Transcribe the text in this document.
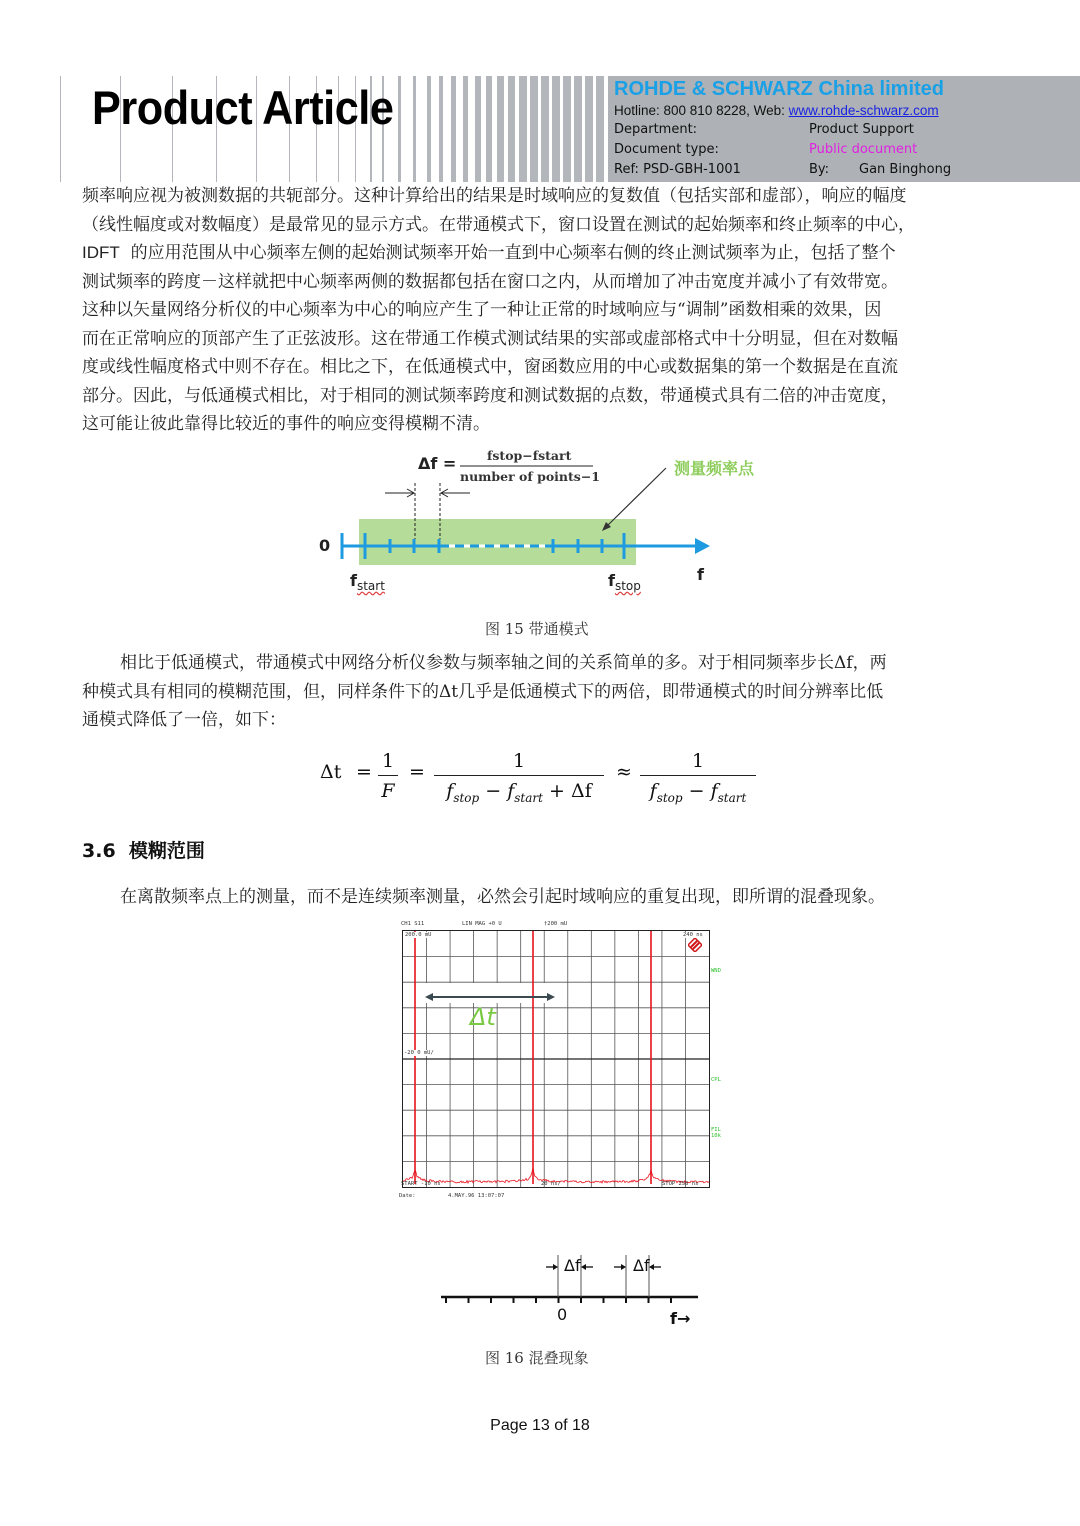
Product Article	ROHDE & SCHWARZ China limited
Hotline: 800 810 8228, Web: www.rohde-schwarz.com
Department:	Product Support
Document type:	Public document
Ref: PSD-GBH-1001	By: Gan Binghong
频率响应视为被测数据的共轭部分。这种计算给出的结果是时域响应的复数值（包括实部和虚部），响应的幅度
（线性幅度或对数幅度）是最常见的显示方式。在带通模式下，窗口设置在测试的起始频率和终止频率的中心，
IDFT 的应用范围从中心频率左侧的起始测试频率开始一直到中心频率右侧的终止测试频率为止，包括了整个
测试频率的跨度－这样就把中心频率两侧的数据都包括在窗口之内，从而增加了冲击宽度并减小了有效带宽。
这种以矢量网络分析仪的中心频率为中心的响应产生了一种让正常的时域响应与“调制”函数相乘的效果，因
而在正常响应的顶部产生了正弦波形。这在带通工作模式测试结果的实部或虚部格式中十分明显，但在对数幅
度或线性幅度格式中则不存在。相比之下，在低通模式中，窗函数应用的中心或数据集的第一个数据是在直流
部分。因此，与低通模式相比，对于相同的测试频率跨度和测试数据的点数，带通模式具有二倍的冲击宽度，
这可能让彼此靠得比较近的事件的响应变得模糊不清。
Δf = fstop−fstart
number of points−1	测量频率点
0
$f_{start}$	$f_{stop}$
f
图 15 带通模式
相比于低通模式，带通模式中网络分析仪参数与频率轴之间的关系简单的多。对于相同频率步长Δf，两
种模式具有相同的模糊范围，但，同样条件下的Δt几乎是低通模式下的两倍，即带通模式的时间分辨率比低
通模式降低了一倍，如下：
Δt = 1
F
=	1
$f_{stop} - f_{start} + \Delta f$
≈	1
$f_{stop} - f_{start}$
3.6 模糊范围
在离散频率点上的测量，而不是连续频率测量，必然会引起时域响应的重复出现，即所谓的混叠现象。
CH1 S11	LIN MAG +0 U	†200 mU
200.0 mU
-20 0 mU/
240 ns
Δt
WND
CPL
FIL 10k
START -10 ns	20 ns/	STOP 250 ns
Date:	4.MAY.96 13:07:07
Δf	Δf
0	f→
图 16 混叠现象
Page 13 of 18
